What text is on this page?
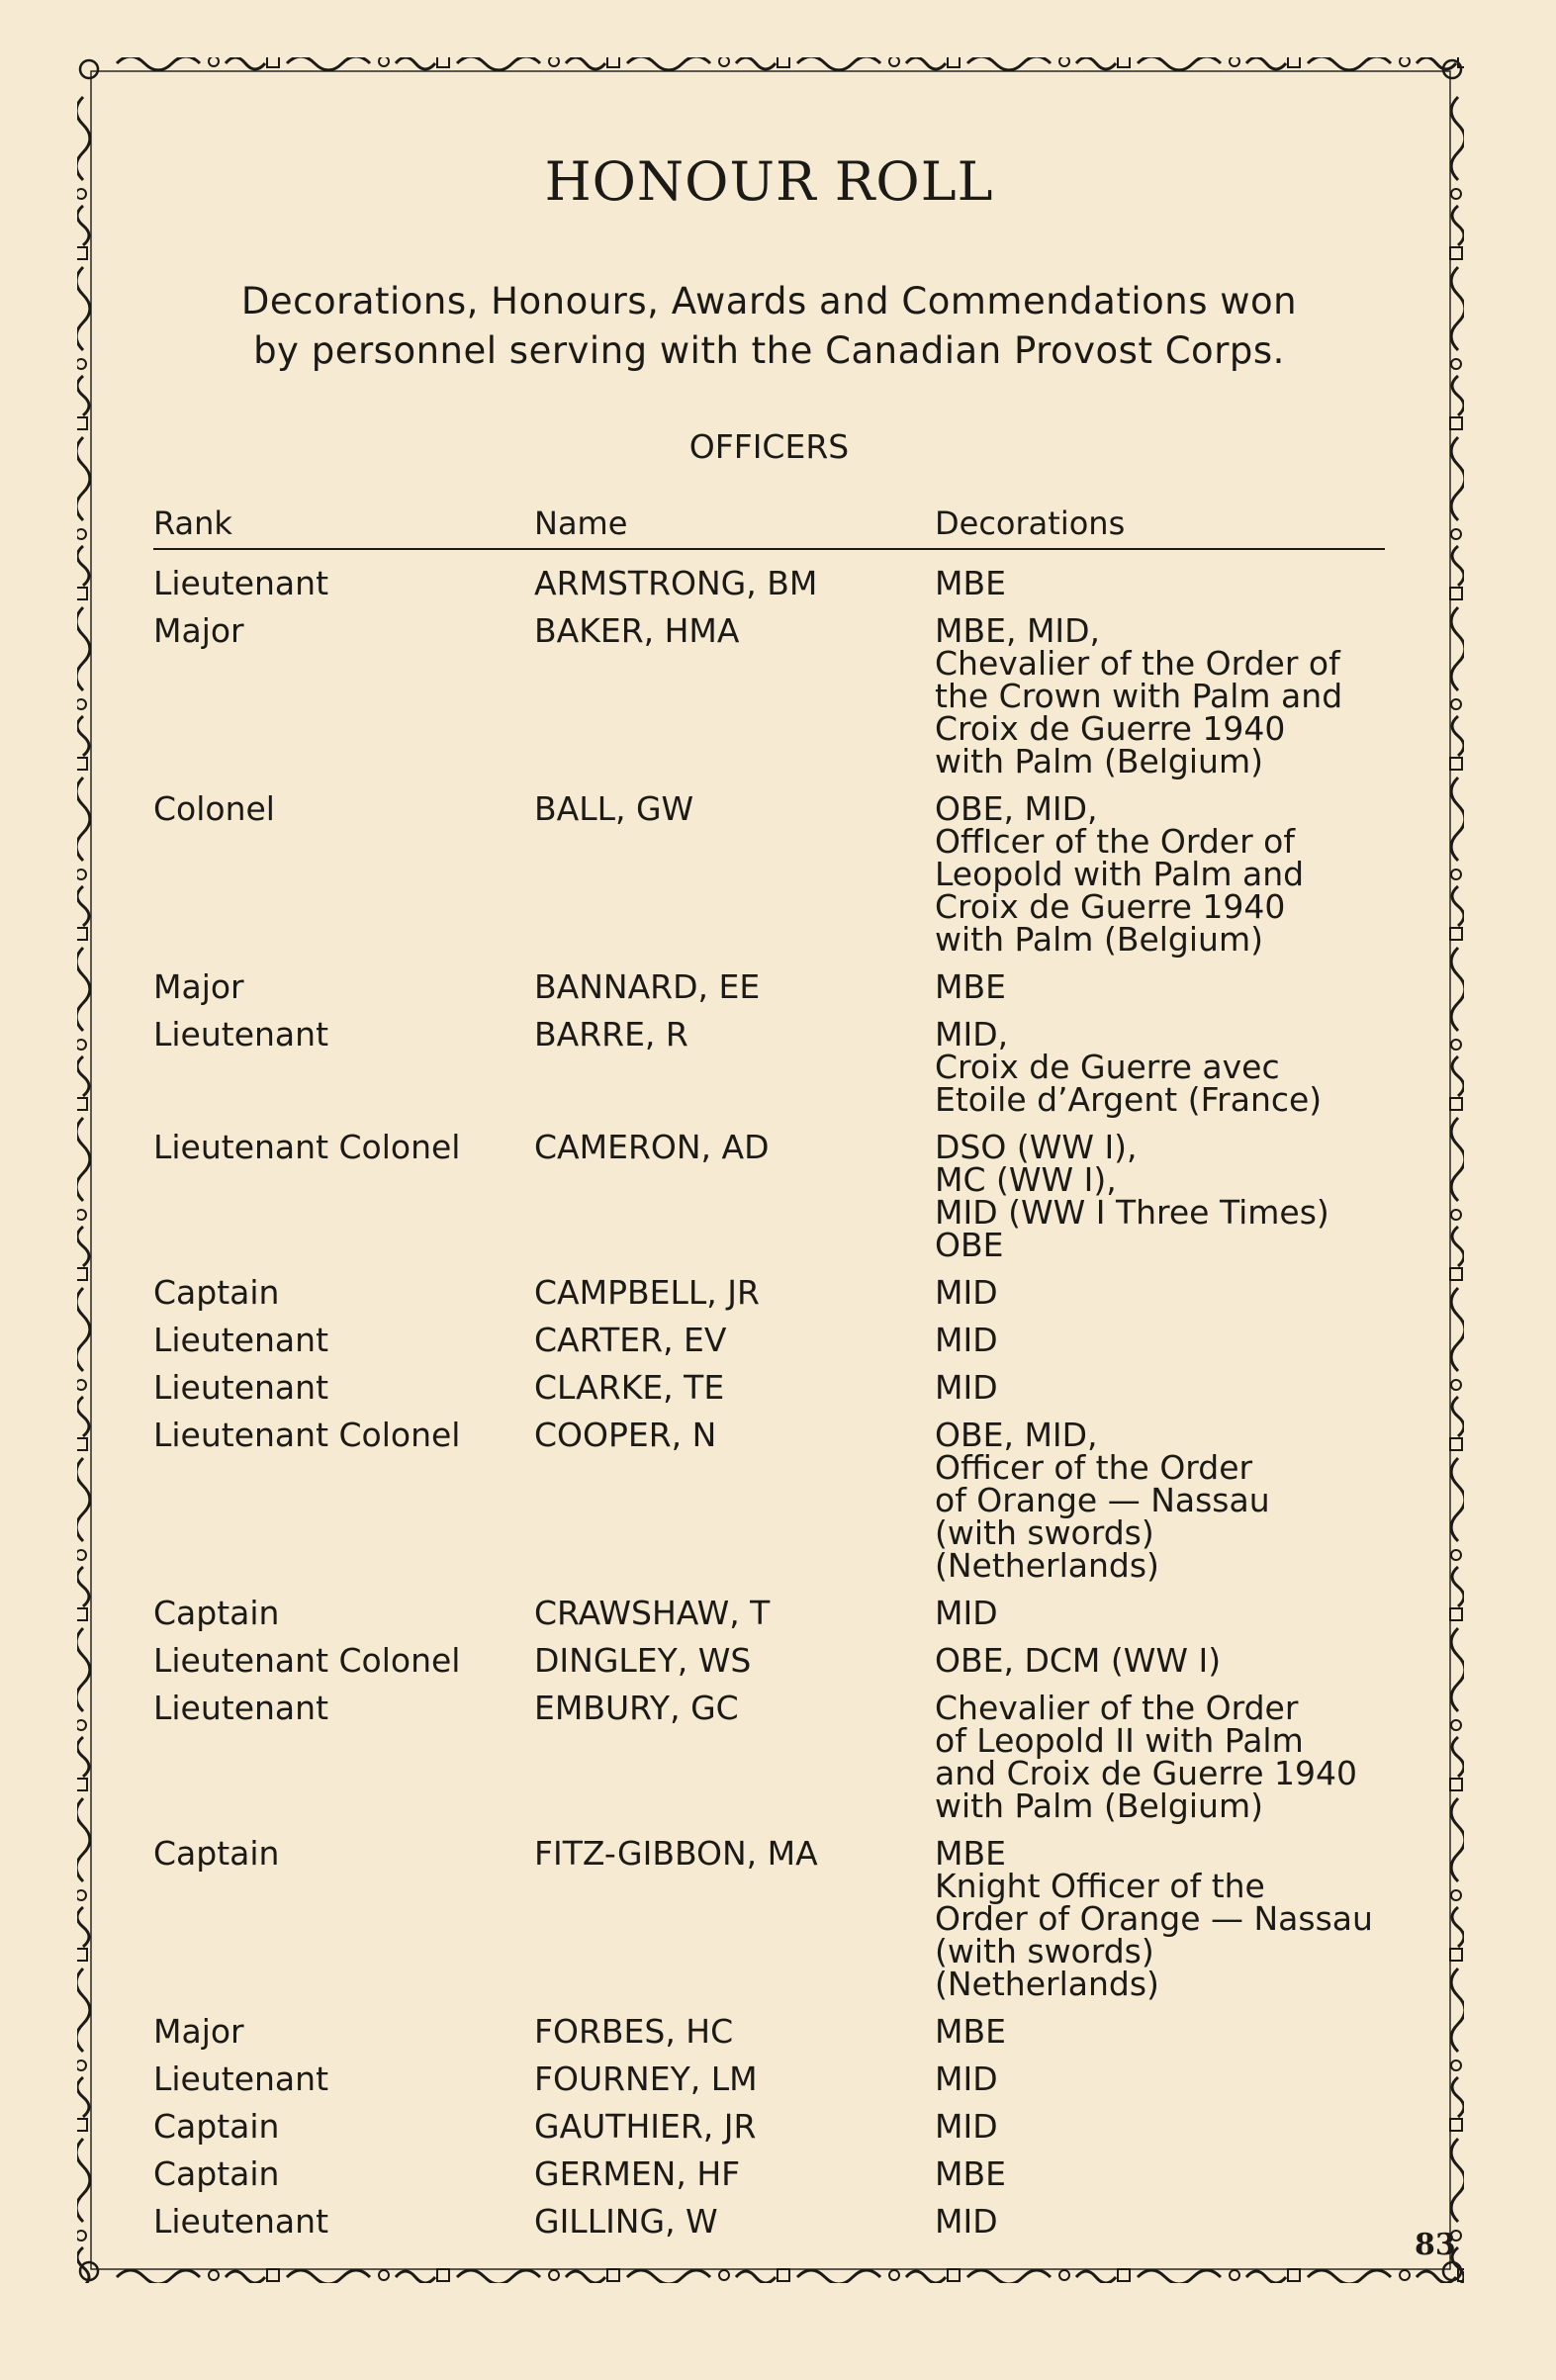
HONOUR ROLL
Decorations, Honours, Awards and Commendations won
by personnel serving with the Canadian Provost Corps.
OFFICERS
Rank	Name	Decorations
Lieutenant	ARMSTRONG, BM	MBE
Major	BAKER, HMA	MBE, MID,
Chevalier of the Order of
the Crown with Palm and
Croix de Guerre 1940
with Palm (Belgium)
Colonel	BALL, GW	OBE, MID,
OffIcer of the Order of
Leopold with Palm and
Croix de Guerre 1940
with Palm (Belgium)
Major	BANNARD, EE	MBE
Lieutenant	BARRE, R	MID,
Croix de Guerre avec
Etoile d’Argent (France)
Lieutenant Colonel	CAMERON, AD	DSO (WW I),
MC (WW I),
MID (WW I Three Times)
OBE
Captain	CAMPBELL, JR	MID
Lieutenant	CARTER, EV	MID
Lieutenant	CLARKE, TE	MID
Lieutenant Colonel	COOPER, N	OBE, MID,
Officer of the Order
of Orange — Nassau
(with swords) (Netherlands)
Captain	CRAWSHAW, T	MID
Lieutenant Colonel	DINGLEY, WS	OBE, DCM (WW I)
Lieutenant	EMBURY, GC	Chevalier of the Order
of Leopold II with Palm
and Croix de Guerre 1940
with Palm (Belgium)
Captain	FITZ-GIBBON, MA	MBE
Knight Officer of the
Order of Orange — Nassau
(with swords) (Netherlands)
Major	FORBES, HC	MBE
Lieutenant	FOURNEY, LM	MID
Captain	GAUTHIER, JR	MID
Captain	GERMEN, HF	MBE
Lieutenant	GILLING, W	MID
83
